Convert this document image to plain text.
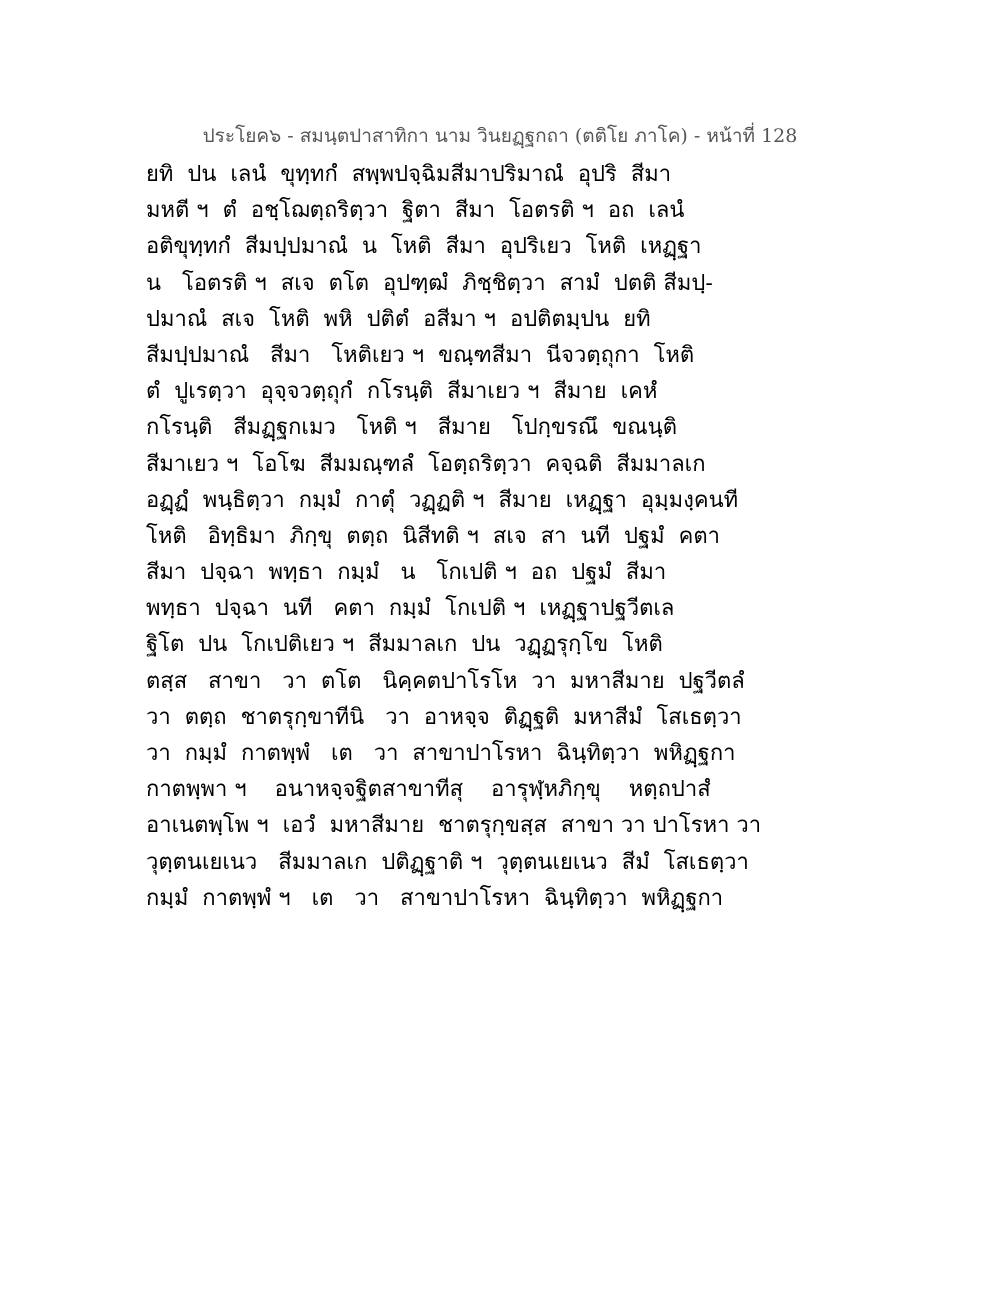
ประโยค๖ - สมนฺตปาสาทิกา นาม วินยฏฺฐกถา (ตติโย ภาโค) - หน้าที่ 128
ยทิ  ปน  เลนํ  ขุทฺทกํ  สพฺพปจฺฉิมสีมาปริมาณํ  อุปริ  สีมา
มหตี ฯ  ตํ  อชฺโฌตฺถริตฺวา  ฐิตา  สีมา  โอตรติ ฯ  อถ  เลนํ
อติขุทฺทกํ  สีมปฺปมาณํ  น  โหติ  สีมา  อุปริเยว  โหติ  เหฏฺฐา
น   โอตรติ ฯ  สเจ  ตโต  อุปฑฺฒํ  ภิชฺชิตฺวา  สามํ  ปตติ สีมปฺ-
ปมาณํ  สเจ  โหติ  พหิ  ปติตํ  อสีมา ฯ  อปติตมฺปน  ยทิ
สีมปฺปมาณํ   สีมา   โหติเยว ฯ  ขณฺฑสีมา  นีจวตฺถุกา  โหติ
ตํ  ปูเรตฺวา  อุจฺจวตฺถุกํ  กโรนฺติ  สีมาเยว ฯ  สีมาย  เคหํ
กโรนฺติ   สีมฏฺฐกเมว   โหติ ฯ   สีมาย   โปกฺขรณึ  ขณนฺติ
สีมาเยว ฯ  โอโฆ  สีมมณฺฑลํ  โอตฺถริตฺวา  คจฺฉติ  สีมมาลเก
อฏฺฏํ  พนฺธิตฺวา  กมฺมํ  กาตุํ  วฏฺฏติ ฯ  สีมาย  เหฏฺฐา  อุมฺมงฺคนที
โหติ   อิทฺธิมา  ภิกฺขุ  ตตฺถ  นิสีทติ ฯ  สเจ  สา  นที  ปฐมํ  คตา
สีมา  ปจฺฉา  พทฺธา  กมฺมํ   น   โกเปติ ฯ  อถ  ปฐมํ  สีมา
พทฺธา  ปจฺฉา  นที   คตา  กมฺมํ  โกเปติ ฯ  เหฏฺฐาปฐวีตเล
ฐิโต  ปน  โกเปติเยว ฯ  สีมมาลเก  ปน  วฏฺฏรุกฺโข  โหติ
ตสฺส   สาขา   วา  ตโต   นิคฺคตปาโรโห  วา  มหาสีมาย  ปฐวีตลํ
วา  ตตฺถ  ชาตรุกฺขาทีนิ   วา  อาหจฺจ  ติฏฺฐติ  มหาสีมํ  โสเธตฺวา
วา  กมฺมํ  กาตพฺพํ   เต   วา  สาขาปาโรหา  ฉินฺทิตฺวา  พหิฏฺฐกา
กาตพฺพา ฯ    อนาหจฺจฐิตสาขาทีสุ    อารุฬฺหภิกฺขุ    หตฺถปาสํ
อาเนตพฺโพ ฯ  เอวํ  มหาสีมาย  ชาตรุกฺขสฺส  สาขา วา ปาโรหา วา
วุตฺตนเยเนว   สีมมาลเก  ปติฏฺฐาติ ฯ  วุตฺตนเยเนว  สีมํ  โสเธตฺวา
กมฺมํ  กาตพฺพํ ฯ   เต   วา   สาขาปาโรหา  ฉินฺทิตฺวา  พหิฏฺฐกา
